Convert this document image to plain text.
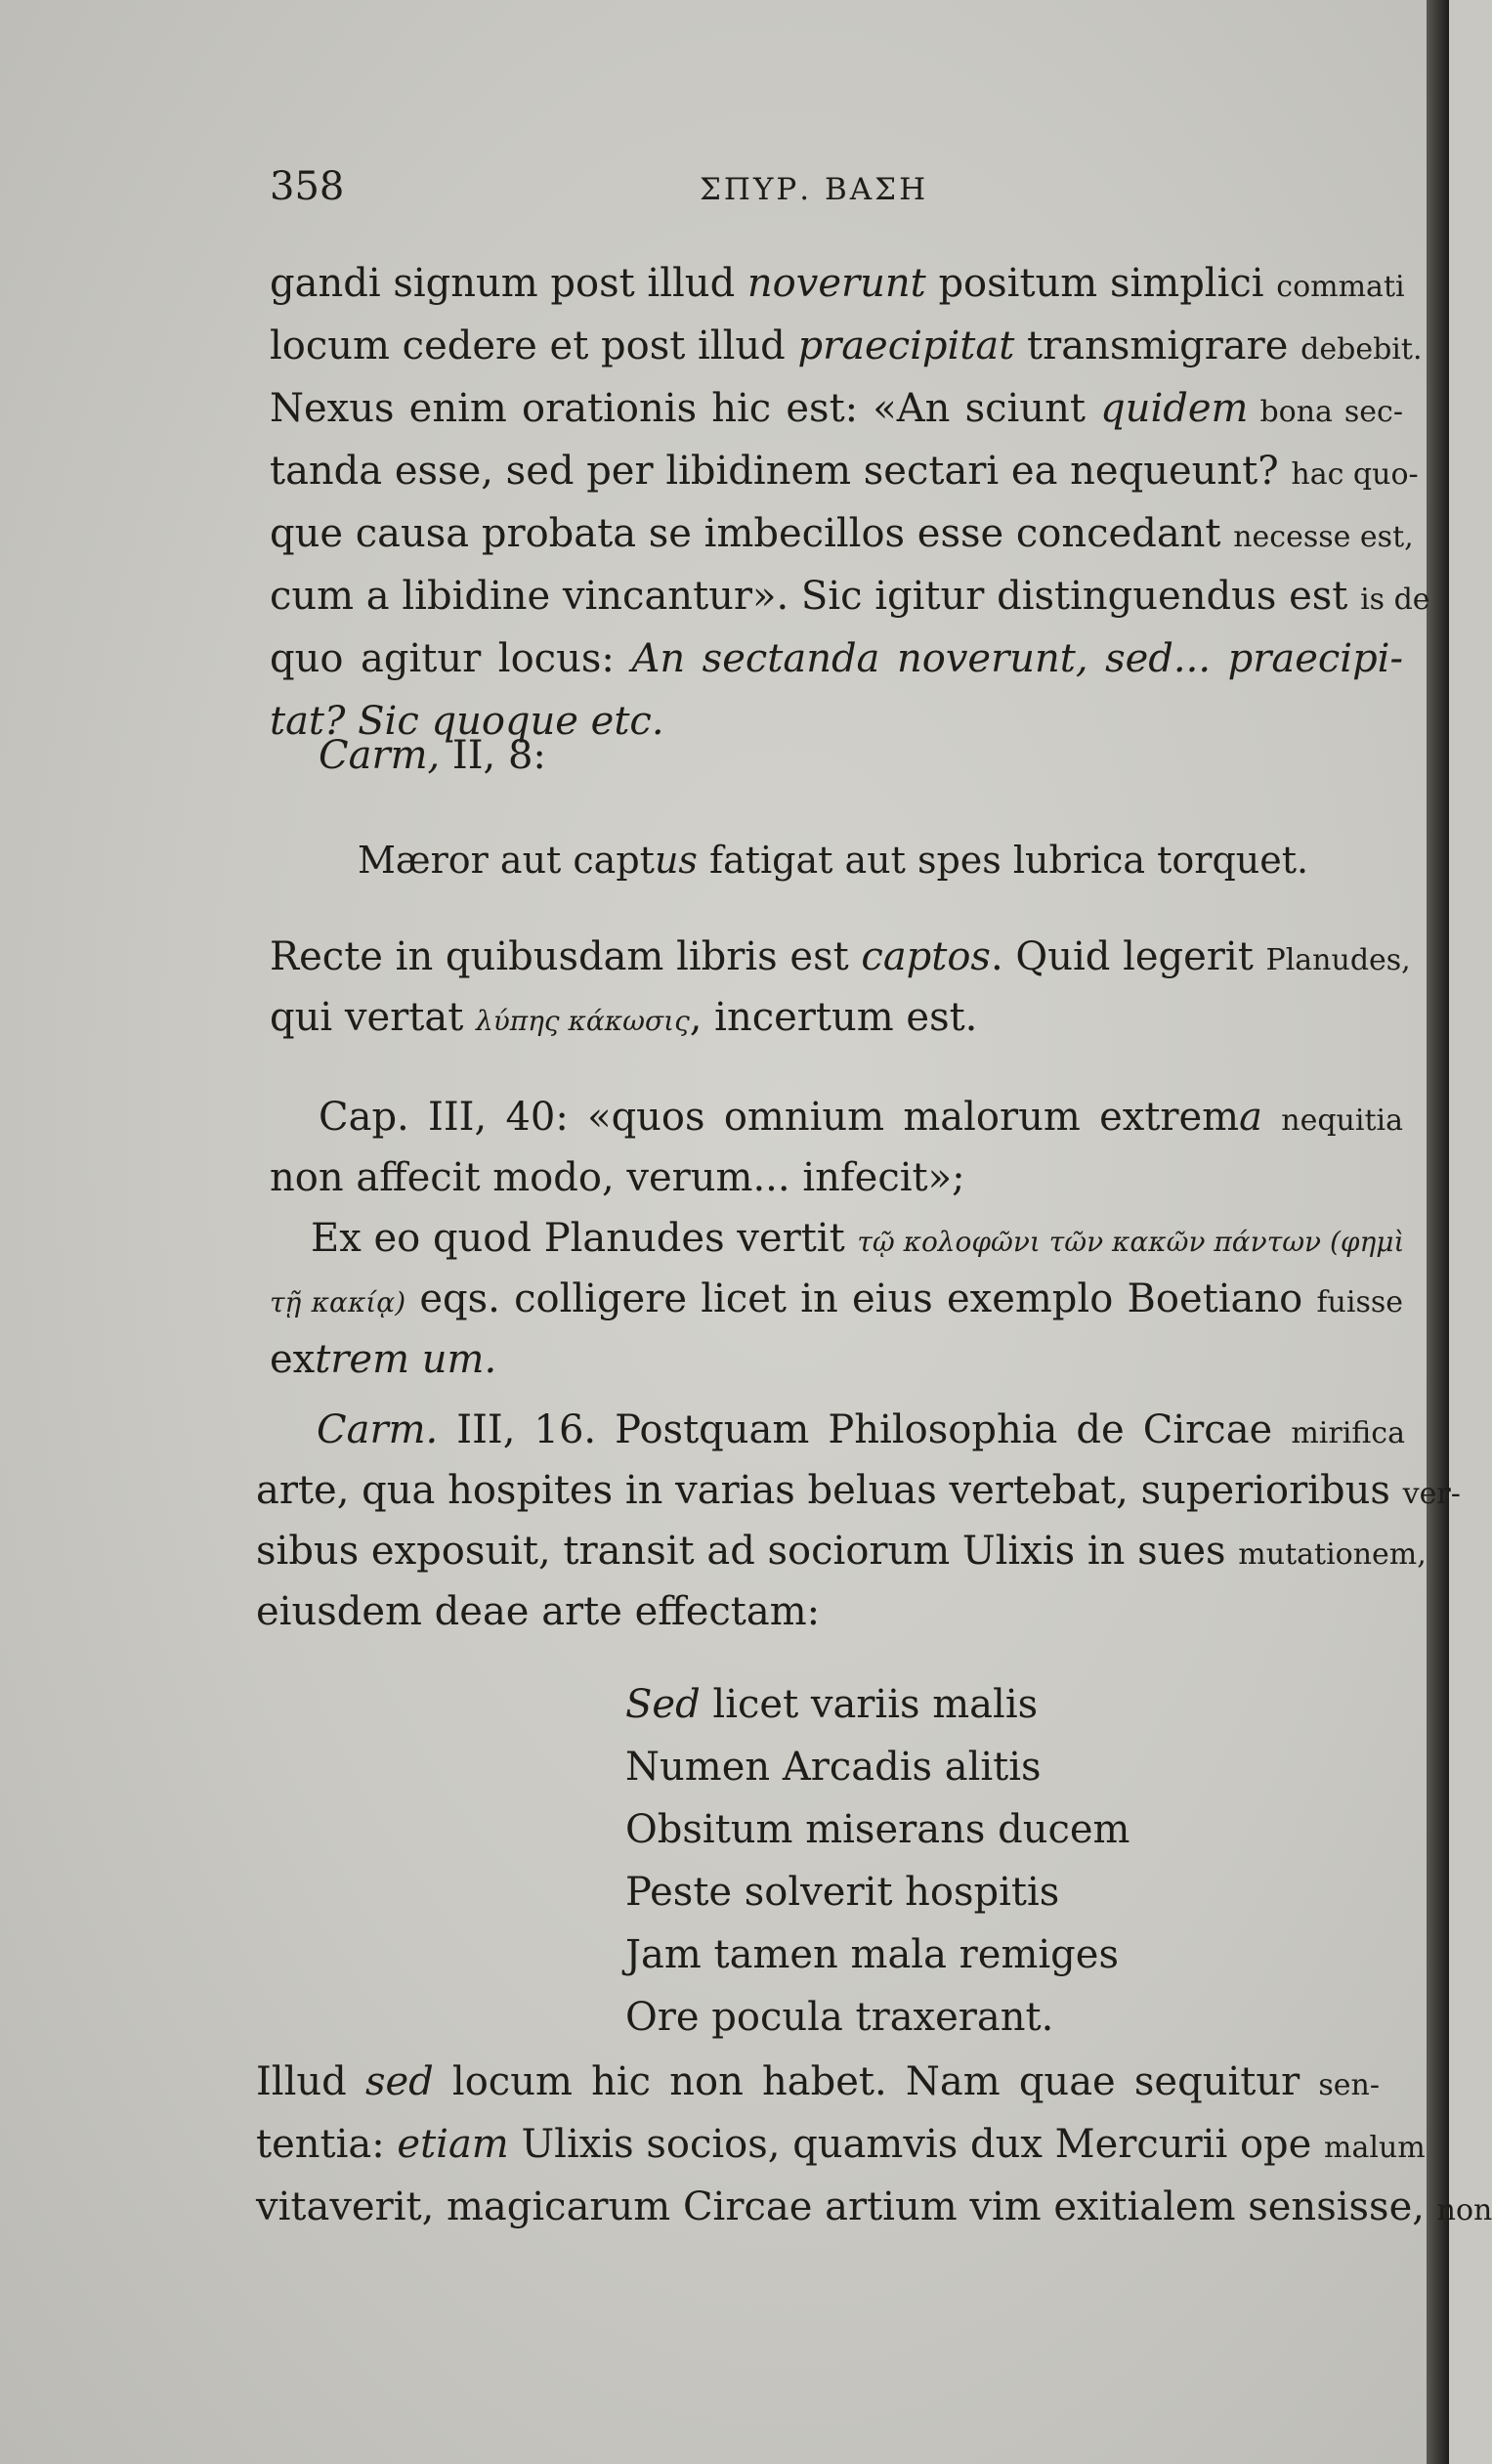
358	ΣΠΥΡ. ΒΑΣΗ
gandi signum post illud noverunt positum simplici commati
locum cedere et post illud praecipitat transmigrare debebit.
Nexus enim orationis hic est: «An sciunt quidem bona sec-
tanda esse, sed per libidinem sectari ea nequeunt? hac quo-
que causa probata se imbecillos esse concedant necesse est,
cum a libidine vincantur». Sic igitur distinguendus est is de
quo agitur locus: An sectanda noverunt, sed... praecipi-
tat? Sic quoque etc.
Carm, II, 8:
Mæror aut captus fatigat aut spes lubrica torquet.
Recte in quibusdam libris est captos. Quid legerit Planudes,
qui vertat λύπης κάκωσις, incertum est.
Cap. III, 40: «quos omnium malorum extrema nequitia
non affecit modo, verum... infecit»;
Ex eo quod Planudes vertit τῷ κολοφῶνι τῶν κακῶν πάντων (φημὶ
τῇ κακίᾳ) eqs. colligere licet in eius exemplo Boetiano fuisse
extrem um.
Carm. III, 16. Postquam Philosophia de Circae mirifica
arte, qua hospites in varias beluas vertebat, superioribus ver-
sibus exposuit, transit ad sociorum Ulixis in sues mutationem,
eiusdem deae arte effectam:
Sed licet variis malis
Numen Arcadis alitis
Obsitum miserans ducem
Peste solverit hospitis
Jam tamen mala remiges
Ore pocula traxerant.
Illud sed locum hic non habet. Nam quae sequitur sen-
tentia: etiam Ulixis socios, quamvis dux Mercurii ope malum
vitaverit, magicarum Circae artium vim exitialem sensisse, non
